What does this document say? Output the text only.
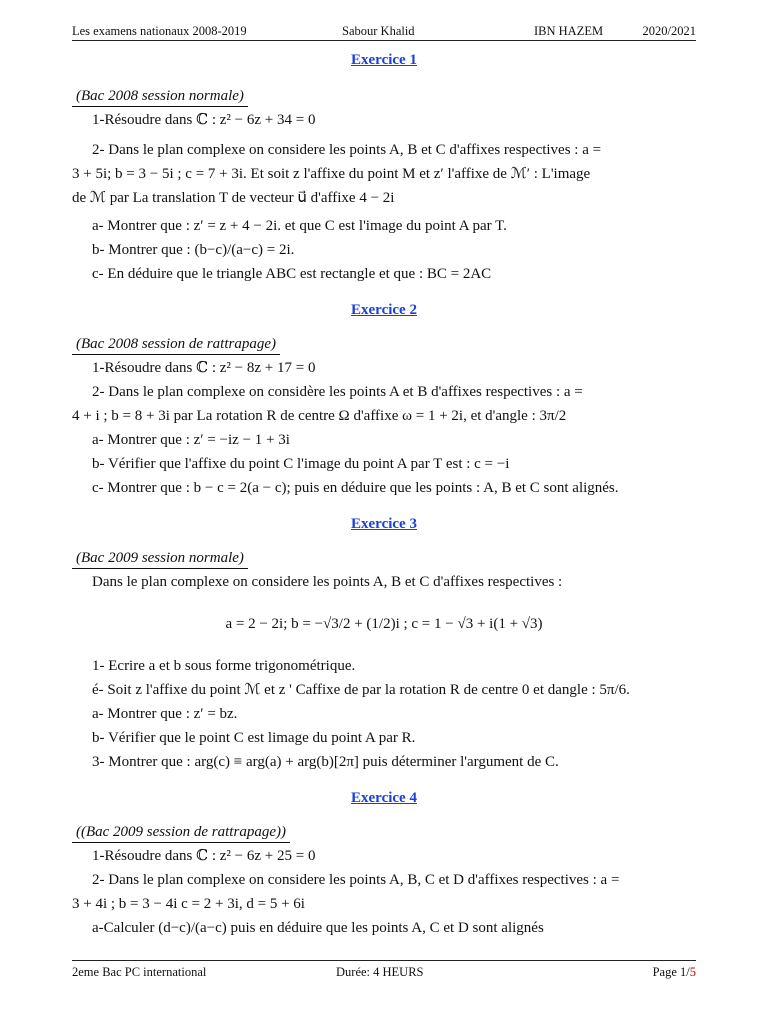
Les examens nationaux 2008-2019	Sabour Khalid	IBN HAZEM	2020/2021

Exercice 1

(Bac 2008 session normale)

1-Résoudre dans ℂ : z² − 6z + 34 = 0

2- Dans le plan complexe on considere les points A, B et C d'affixes respectives : a =

3 + 5i; b = 3 − 5i ; c = 7 + 3i. Et soit z l'affixe du point M et z′ l'affixe de ℳ′ : L'image

de ℳ par La translation T de vecteur u⃗ d'affixe 4 − 2i

a- Montrer que : z′ = z + 4 − 2i. et que C est l'image du point A par T.

b- Montrer que : (b−c)/(a−c) = 2i.

c- En déduire que le triangle ABC est rectangle et que : BC = 2AC

Exercice 2

(Bac 2008 session de rattrapage)

1-Résoudre dans ℂ : z² − 8z + 17 = 0

2- Dans le plan complexe on considère les points A et B d'affixes respectives : a =

4 + i ; b = 8 + 3i par La rotation R de centre Ω d'affixe ω = 1 + 2i, et d'angle : 3π/2

a- Montrer que : z′ = −iz − 1 + 3i

b- Vérifier que l'affixe du point C l'image du point A par T est : c = −i

c- Montrer que : b − c = 2(a − c); puis en déduire que les points : A, B et C sont alignés.

Exercice 3

(Bac 2009 session normale)

Dans le plan complexe on considere les points A, B et C d'affixes respectives :

a = 2 − 2i; b = −√3/2 + (1/2)i ; c = 1 − √3 + i(1 + √3)

1- Ecrire a et b sous forme trigonométrique.

é- Soit z l'affixe du point ℳ et z ' Caffixe de par la rotation R de centre 0 et dangle : 5π/6.

a- Montrer que : z′ = bz.

b- Vérifier que le point C est limage du point A par R.

3- Montrer que : arg(c) ≡ arg(a) + arg(b)[2π] puis déterminer l'argument de C.

Exercice 4

((Bac 2009 session de rattrapage))

1-Résoudre dans ℂ : z² − 6z + 25 = 0

2- Dans le plan complexe on considere les points A, B, C et D d'affixes respectives : a =

3 + 4i ; b = 3 − 4i c = 2 + 3i, d = 5 + 6i

a-Calculer (d−c)/(a−c) puis en déduire que les points A, C et D sont alignés

2eme Bac PC international	Durée: 4 HEURS	Page 1/5
